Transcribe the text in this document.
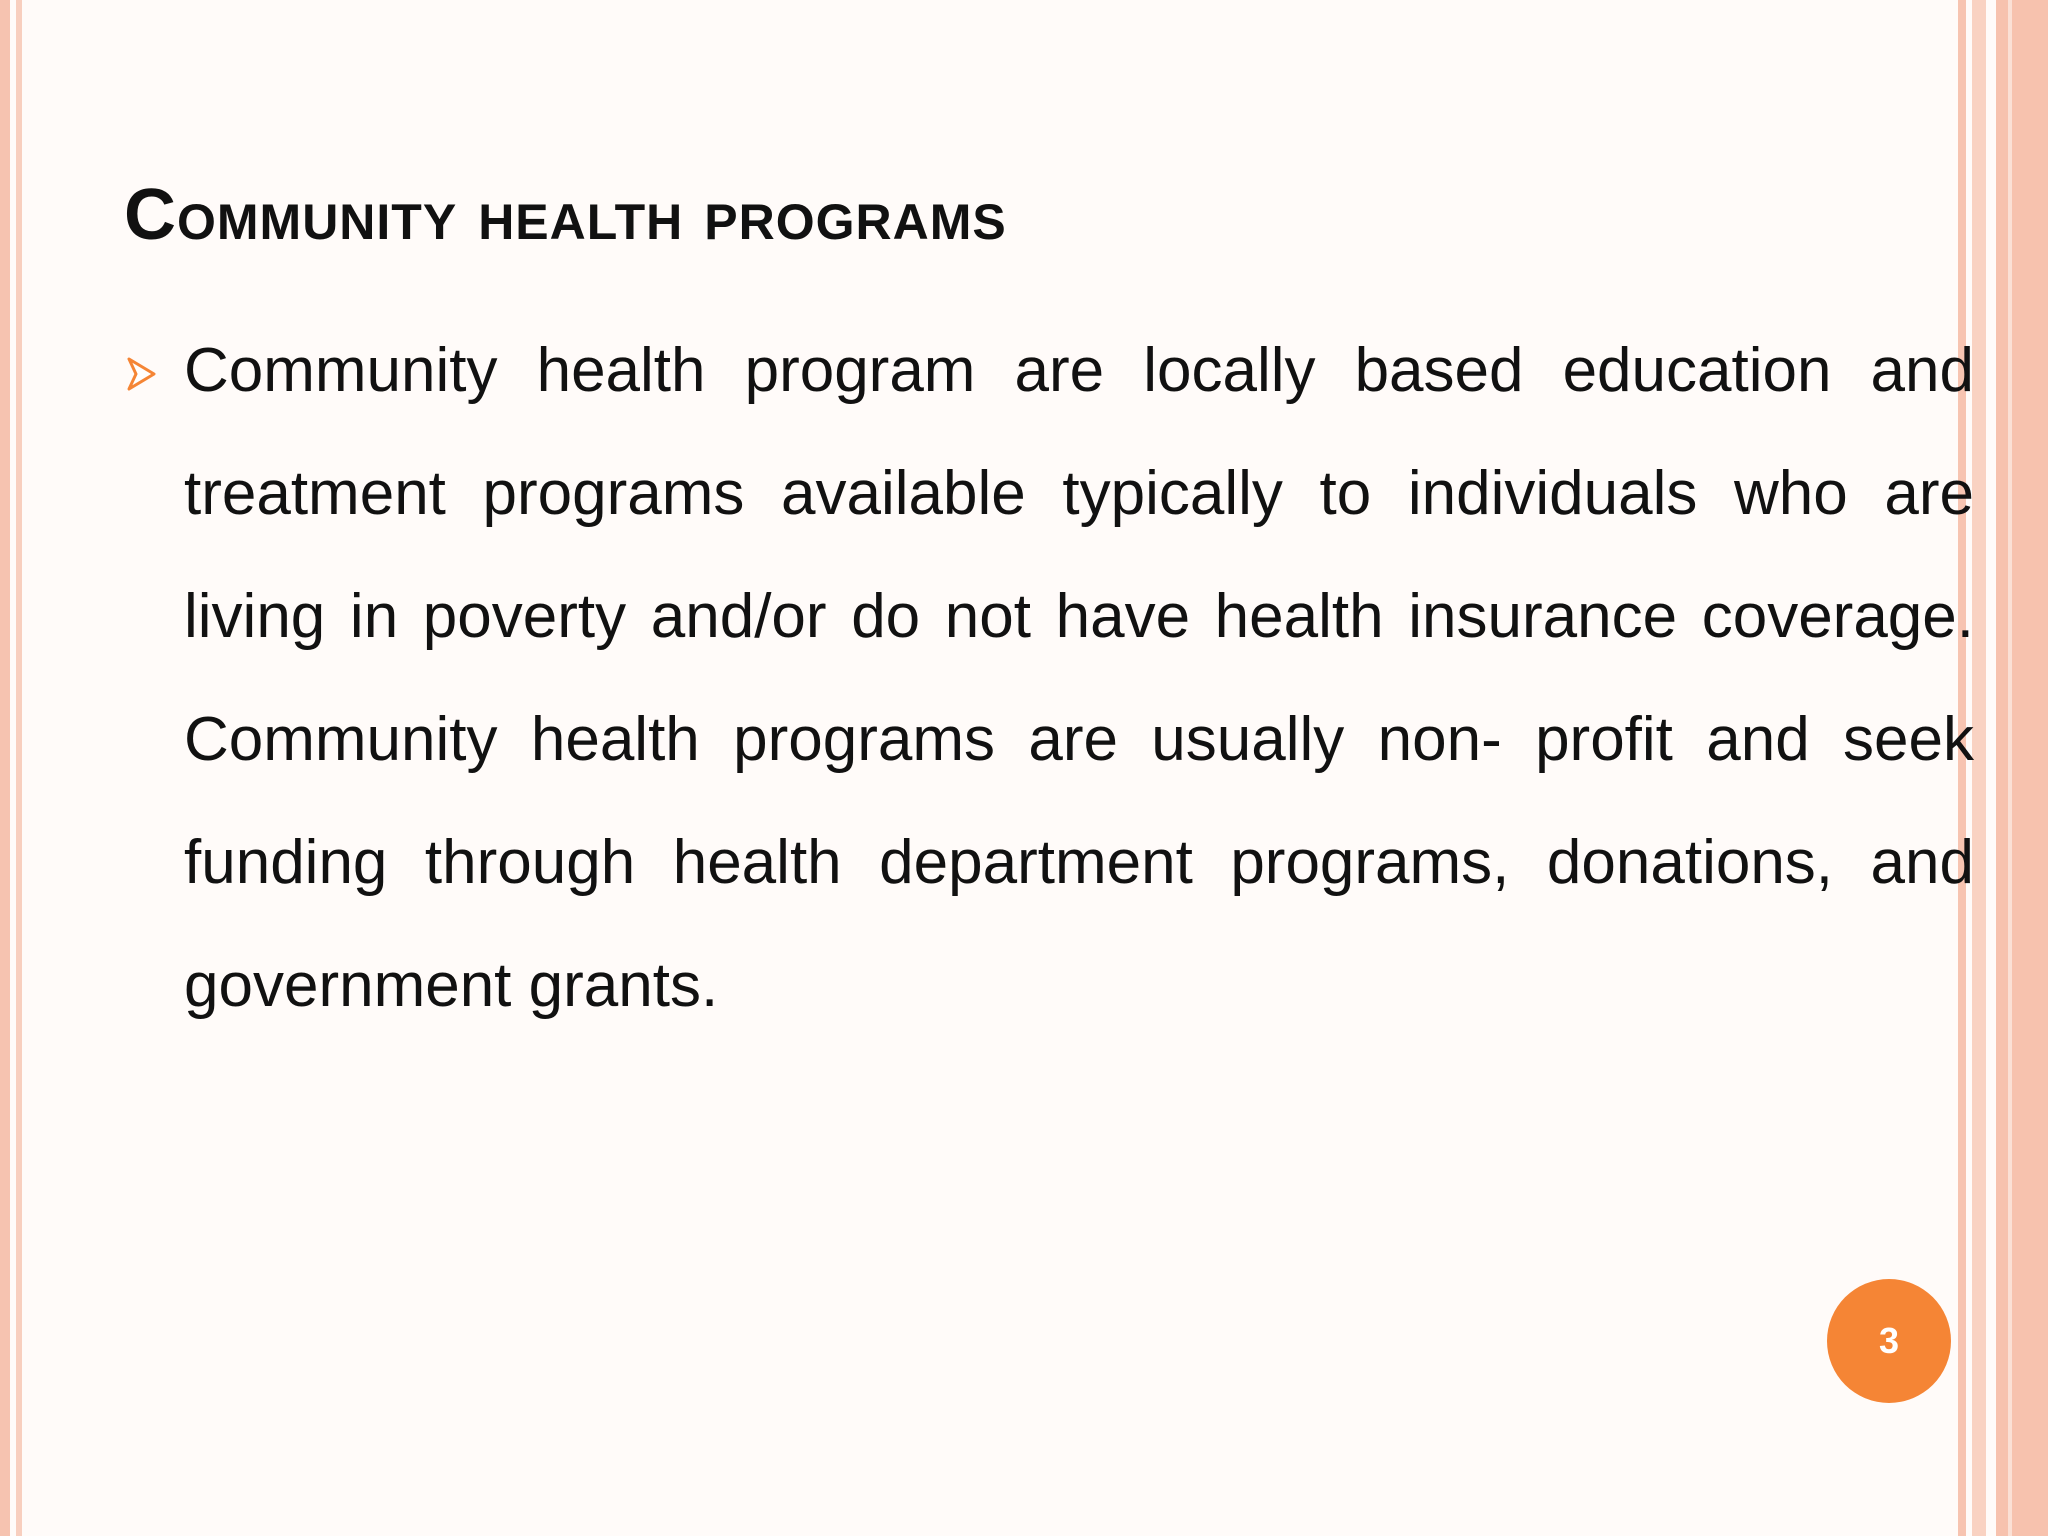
Community health programs

Community health program are locally based education and treatment programs available typically to individuals who are living in poverty and/or do not have health insurance coverage. Community health programs are usually non- profit and seek funding through health department programs, donations, and government grants.

3
